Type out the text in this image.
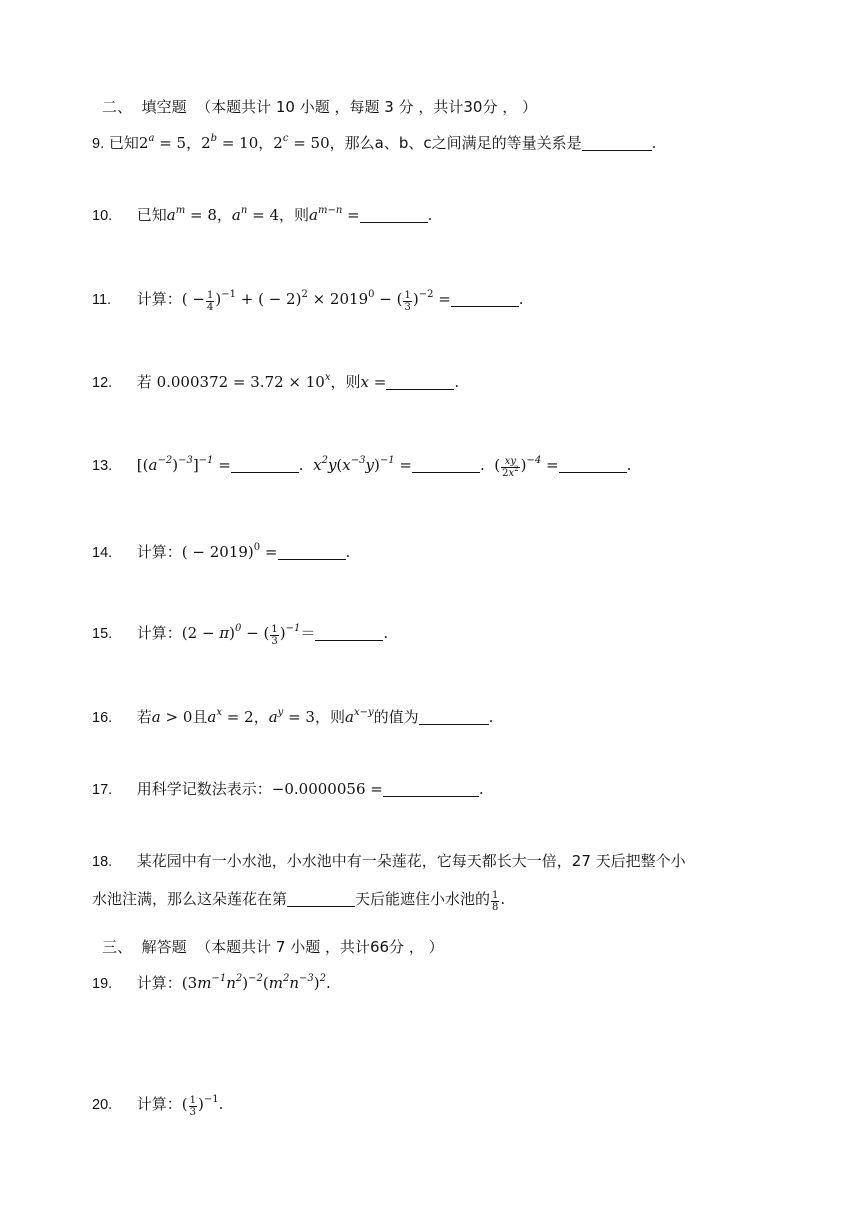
二、 填空题 （本题共计 10 小题 ，每题 3 分 ，共计30分 ， ）
9. 已知$2^a = 5$，$2^b = 10$，$2^c = 50$，那么a、b、c之间满足的等量关系是	.
10. 已知$a^m = 8$，$a^n = 4$，则$a^{m-n}$ =	.
11. 计算：( − $\frac{1}{4} )^{-1}$ + ( − $2)^2 \times 2019^0$ − ( $\frac{1}{3} )^{-2}$ =	.
12. 若 $0.000372 = 3.72 \times 10^x$，则x =	.
13. $[(a^{-2})^{-3}]^{-1}$ =	.  $x^2y(x^{-3}y)^{-1}$ =	.  ( $\frac{xy}{2x^2} )^{-4}$ =	.
14. 计算：( − 2019)$^0$ =	.
15. 计算：$(2 - \pi)^0$ − ( $\frac{1}{3} )^{-1}=$	.
16. 若a > 0且$a^x = 2$，$a^y = 3$，则$a^{x-y}$的值为	.
17. 用科学记数法表示：−0.0000056 =	.
18. 某花园中有一小水池，小水池中有一朵莲花，它每天都长大一倍，27 天后把整个小
水池注满，那么这朵莲花在第	天后能遮住小水池的 $\frac{1}{8}$ .
三、 解答题 （本题共计 7 小题 ，共计66分 ， ）
19. 计算：$(3m^{-1}n^2)^{-2}(m^2n^{-3})^2$.
20. 计算：( $\frac{1}{3} )^{-1}$.
